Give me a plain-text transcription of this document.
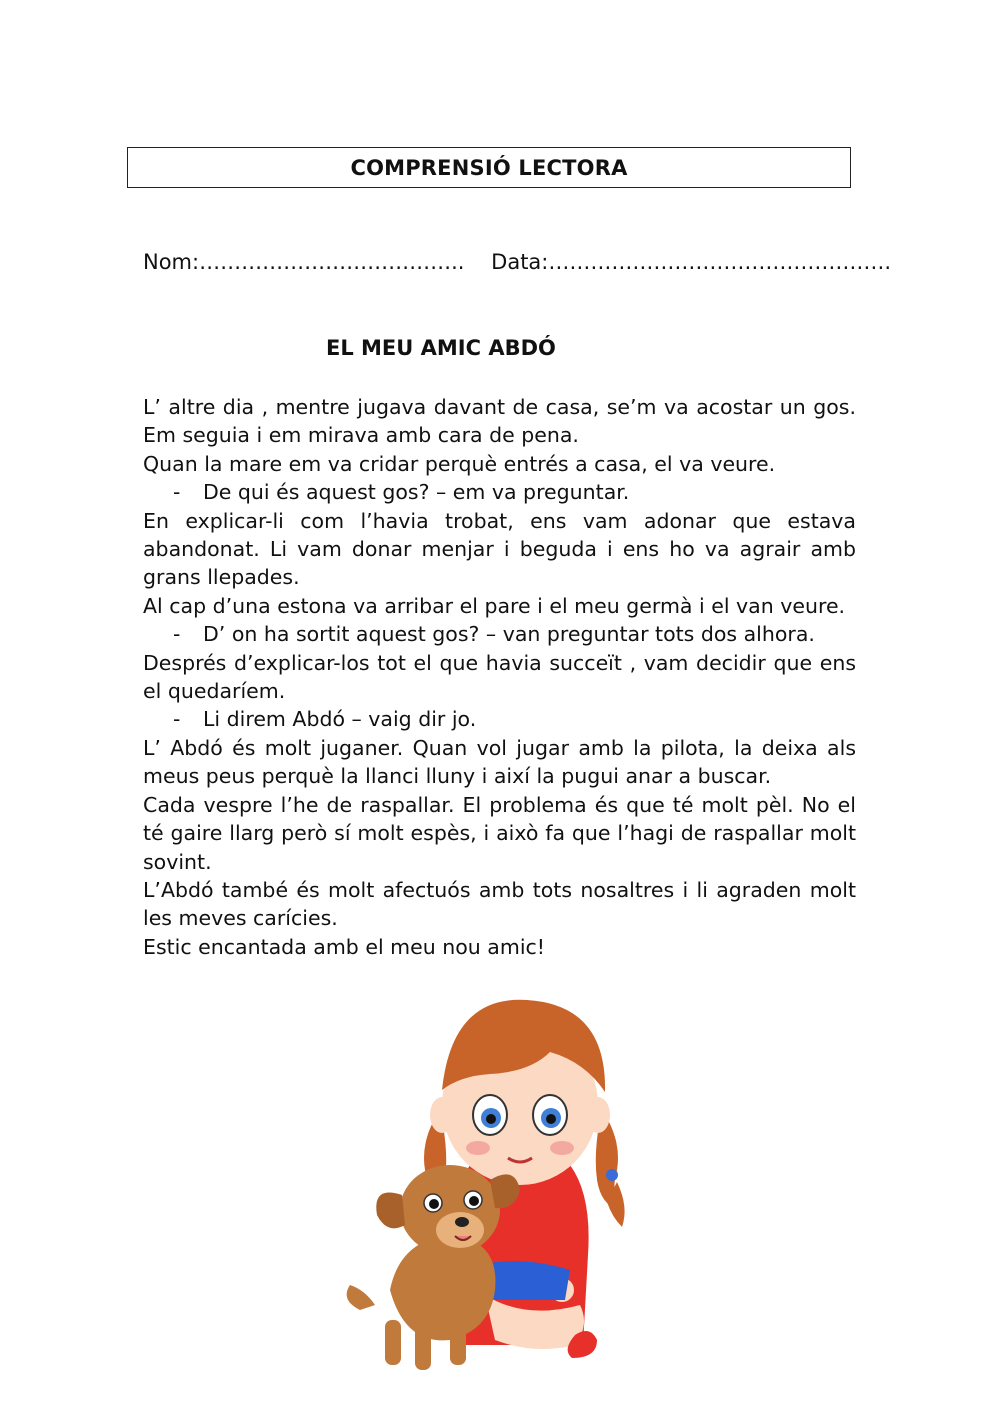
COMPRENSIÓ LECTORA
Nom:……………………………….. Data:………………………………………….
EL MEU AMIC ABDÓ

L’ altre dia , mentre jugava davant de casa, se’m va acostar un gos. Em seguia i em mirava amb cara de pena.

Quan la mare em va cridar perquè entrés a casa, el va veure.

- De qui és aquest gos? – em va preguntar.

En explicar-li com l’havia trobat, ens vam adonar que estava abandonat. Li vam donar menjar i beguda i ens ho va agrair amb grans llepades.

Al cap d’una estona va arribar el pare i el meu germà i el van veure.

- D’ on ha sortit aquest gos? – van preguntar tots dos alhora.

Després d’explicar-los tot el que havia succeït , vam decidir que ens el quedaríem.

- Li direm Abdó – vaig dir jo.

L’ Abdó és molt juganer. Quan vol jugar amb la pilota, la deixa als meus peus perquè la llanci lluny i així la pugui anar a buscar.

Cada vespre l’he de raspallar. El problema és que té molt pèl. No el té gaire llarg però sí molt espès, i això fa que l’hagi de raspallar molt sovint.

L’Abdó també és molt afectuós amb tots nosaltres i li agraden molt les meves carícies.

Estic encantada amb el meu nou amic!
